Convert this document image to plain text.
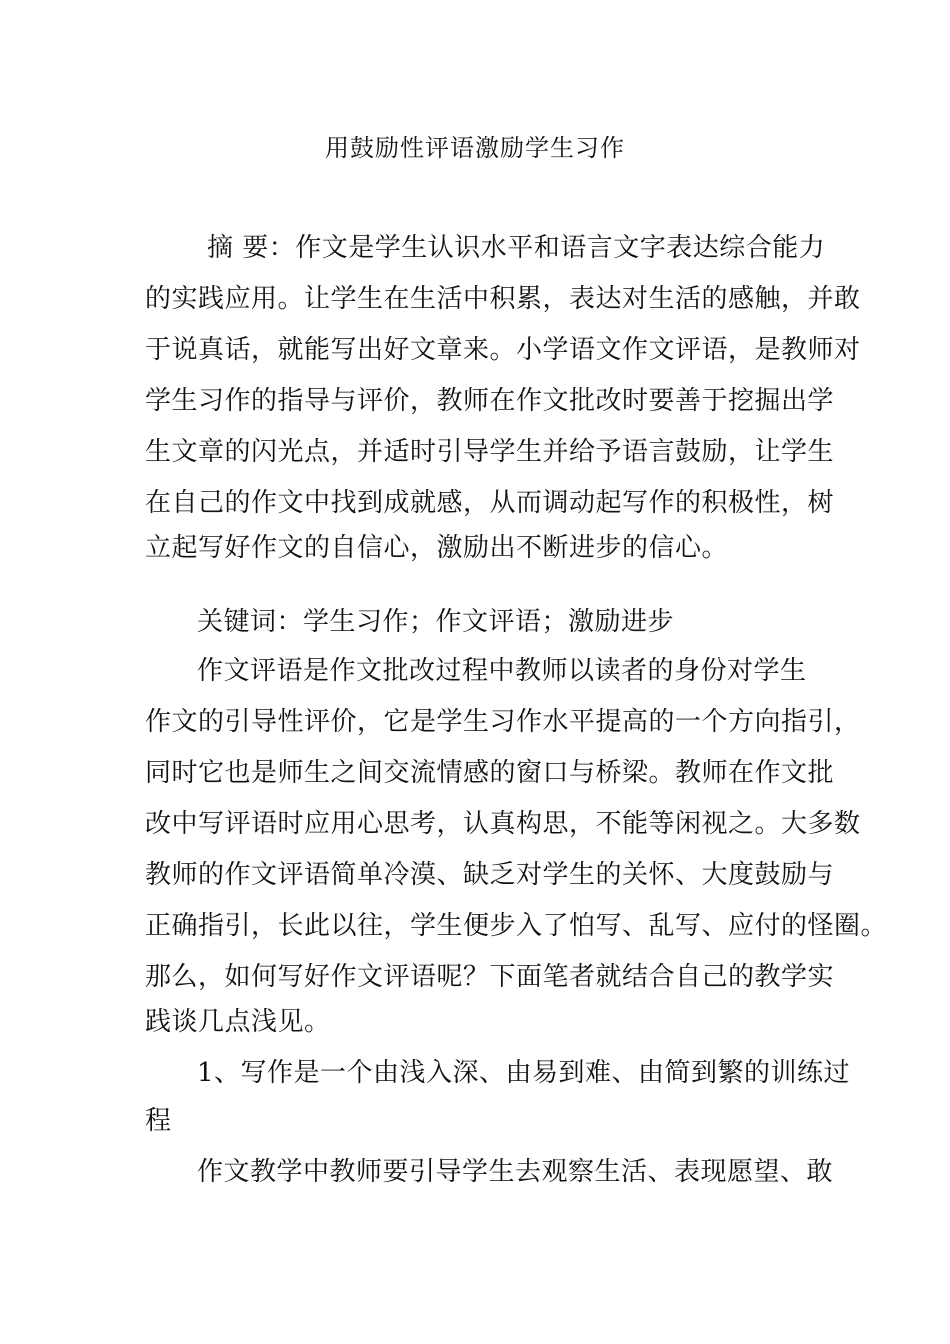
用鼓励性评语激励学生习作
摘 要：作文是学生认识水平和语言文字表达综合能力
的实践应用。让学生在生活中积累，表达对生活的感触，并敢
于说真话，就能写出好文章来。小学语文作文评语，是教师对
学生习作的指导与评价，教师在作文批改时要善于挖掘出学
生文章的闪光点，并适时引导学生并给予语言鼓励，让学生
在自己的作文中找到成就感，从而调动起写作的积极性，树
立起写好作文的自信心，激励出不断进步的信心。
关键词：学生习作；作文评语；激励进步
作文评语是作文批改过程中教师以读者的身份对学生
作文的引导性评价，它是学生习作水平提高的一个方向指引，
同时它也是师生之间交流情感的窗口与桥梁。教师在作文批
改中写评语时应用心思考，认真构思，不能等闲视之。大多数
教师的作文评语简单冷漠、缺乏对学生的关怀、大度鼓励与
正确指引，长此以往，学生便步入了怕写、乱写、应付的怪圈。
那么，如何写好作文评语呢？下面笔者就结合自己的教学实
践谈几点浅见。
1、写作是一个由浅入深、由易到难、由简到繁的训练过
程
作文教学中教师要引导学生去观察生活、表现愿望、敢
